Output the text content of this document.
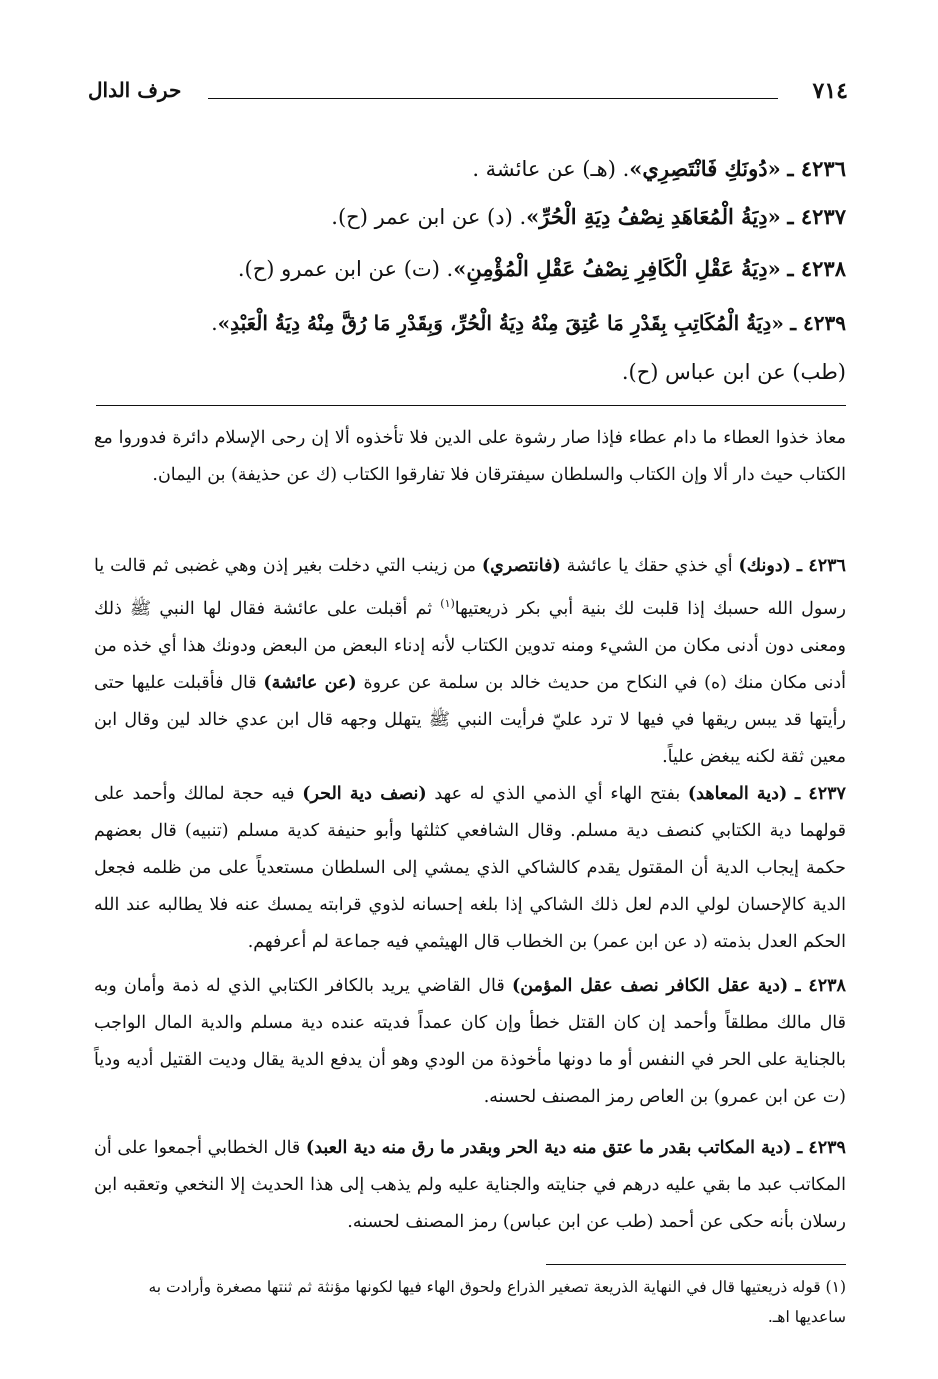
٧١٤
حرف الدال
٤٢٣٦ ـ «دُونَكِ فَانْتَصِرِي». (هـ) عن عائشة .
٤٢٣٧ ـ «دِيَةُ الْمُعَاهَدِ نِصْفُ دِيَةِ الْحُرِّ». (د) عن ابن عمر (ح).
٤٢٣٨ ـ «دِيَةُ عَقْلِ الْكَافِرِ نِصْفُ عَقْلِ الْمُؤْمِنِ». (ت) عن ابن عمرو (ح).
٤٢٣٩ ـ «دِيَةُ الْمُكَاتِبِ بِقَدْرِ مَا عُتِقَ مِنْهُ دِيَةُ الْحُرِّ، وَبِقَدْرِ مَا رُقَّ مِنْهُ دِيَةُ الْعَبْدِ».
(طب) عن ابن عباس (ح).
معاذ خذوا العطاء ما دام عطاء فإذا صار رشوة على الدين فلا تأخذوه ألا إن رحى الإسلام دائرة فدوروا مع الكتاب حيث دار ألا وإن الكتاب والسلطان سيفترقان فلا تفارقوا الكتاب (ك عن حذيفة) بن اليمان.
٤٢٣٦ ـ (دونك) أي خذي حقك يا عائشة (فانتصري) من زينب التي دخلت بغير إذن وهي غضبى ثم قالت يا رسول الله حسبك إذا قلبت لك بنية أبي بكر ذريعتيها$^{(١)}$ ثم أقبلت على عائشة فقال لها النبي ﷺ ذلك ومعنى دون أدنى مكان من الشيء ومنه تدوين الكتاب لأنه إدناء البعض من البعض ودونك هذا أي خذه من أدنى مكان منك (ه) في النكاح من حديث خالد بن سلمة عن عروة (عن عائشة) قال فأقبلت عليها حتى رأيتها قد يبس ريقها في فيها لا ترد عليّ فرأيت النبي ﷺ يتهلل وجهه قال ابن عدي خالد لين وقال ابن معين ثقة لكنه يبغض علياً.
٤٢٣٧ ـ (دية المعاهد) بفتح الهاء أي الذمي الذي له عهد (نصف دية الحر) فيه حجة لمالك وأحمد على قولهما دية الكتابي كنصف دية مسلم. وقال الشافعي كثلثها وأبو حنيفة كدية مسلم (تنبيه) قال بعضهم حكمة إيجاب الدية أن المقتول يقدم كالشاكي الذي يمشي إلى السلطان مستعدياً على من ظلمه فجعل الدية كالإحسان لولي الدم لعل ذلك الشاكي إذا بلغه إحسانه لذوي قرابته يمسك عنه فلا يطالبه عند الله الحكم العدل بذمته (د عن ابن عمر) بن الخطاب قال الهيثمي فيه جماعة لم أعرفهم.
٤٢٣٨ ـ (دية عقل الكافر نصف عقل المؤمن) قال القاضي يريد بالكافر الكتابي الذي له ذمة وأمان وبه قال مالك مطلقاً وأحمد إن كان القتل خطأ وإن كان عمداً فديته عنده دية مسلم والدية المال الواجب بالجناية على الحر في النفس أو ما دونها مأخوذة من الودي وهو أن يدفع الدية يقال وديت القتيل أديه ودياً (ت عن ابن عمرو) بن العاص رمز المصنف لحسنه.
٤٢٣٩ ـ (دية المكاتب بقدر ما عتق منه دية الحر وبقدر ما رق منه دية العبد) قال الخطابي أجمعوا على أن المكاتب عبد ما بقي عليه درهم في جنايته والجناية عليه ولم يذهب إلى هذا الحديث إلا النخعي وتعقبه ابن رسلان بأنه حكى عن أحمد (طب عن ابن عباس) رمز المصنف لحسنه.
(١) قوله ذريعتيها قال في النهاية الذريعة تصغير الذراع ولحوق الهاء فيها لكونها مؤنثة ثم ثنتها مصغرة وأرادت به ساعديها اهـ.
